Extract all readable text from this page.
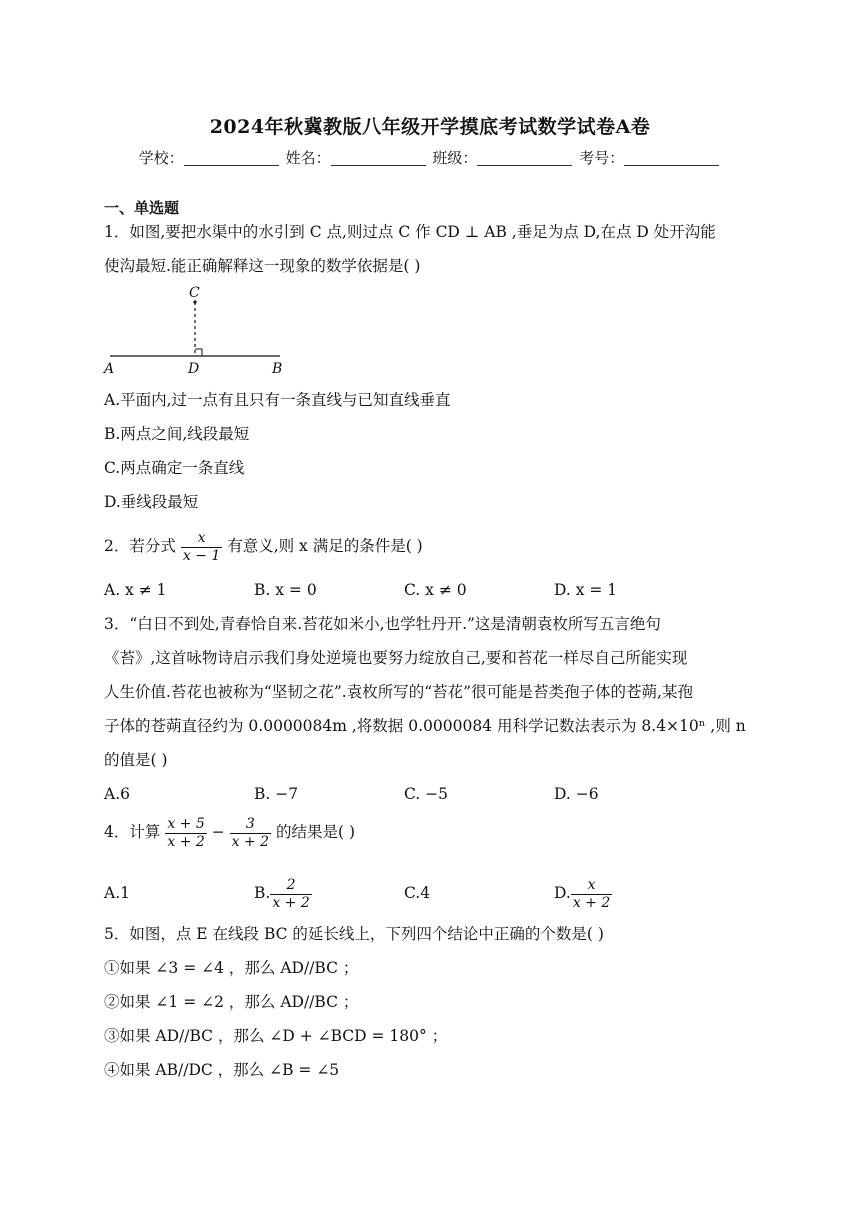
2024年秋冀教版八年级开学摸底考试数学试卷A卷
学校：	姓名：	班级：	考号：
一、单选题
1．如图,要把水渠中的水引到 C 点,则过点 C 作 CD ⊥ AB ,垂足为点 D,在点 D 处开沟能
使沟最短.能正确解释这一现象的数学依据是( )
C
A	D	B
A.平面内,过一点有且只有一条直线与已知直线垂直
B.两点之间,线段最短
C.两点确定一条直线
D.垂线段最短
2．若分式 $\frac{x}{x - 1}$ 有意义,则 x 满足的条件是( )
A. x ≠ 1	B. x = 0	C. x ≠ 0	D. x = 1
3．“白日不到处,青春恰自来.苔花如米小,也学牡丹开.”这是清朝袁枚所写五言绝句
《苔》,这首咏物诗启示我们身处逆境也要努力绽放自己,要和苔花一样尽自己所能实现
人生价值.苔花也被称为“坚韧之花”.袁枚所写的“苔花”很可能是苔类孢子体的苍蒴,某孢
子体的苍蒴直径约为 0.0000084m ,将数据 0.0000084 用科学记数法表示为 8.4×10ⁿ ,则 n
的值是( )
A.6	B. −7	C. −5	D. −6
4．计算 $\frac{x + 5}{x + 2} - \frac{3}{x + 2}$ 的结果是( )
A.1	B. $\frac{2}{x + 2}$	C.4	D. $\frac{x}{x + 2}$
5．如图，点 E 在线段 BC 的延长线上，下列四个结论中正确的个数是( )
①如果 ∠3 = ∠4 ，那么 AD//BC ；
②如果 ∠1 = ∠2 ，那么 AD//BC ；
③如果 AD//BC ，那么 ∠D + ∠BCD = 180° ；
④如果 AB//DC ，那么 ∠B = ∠5
